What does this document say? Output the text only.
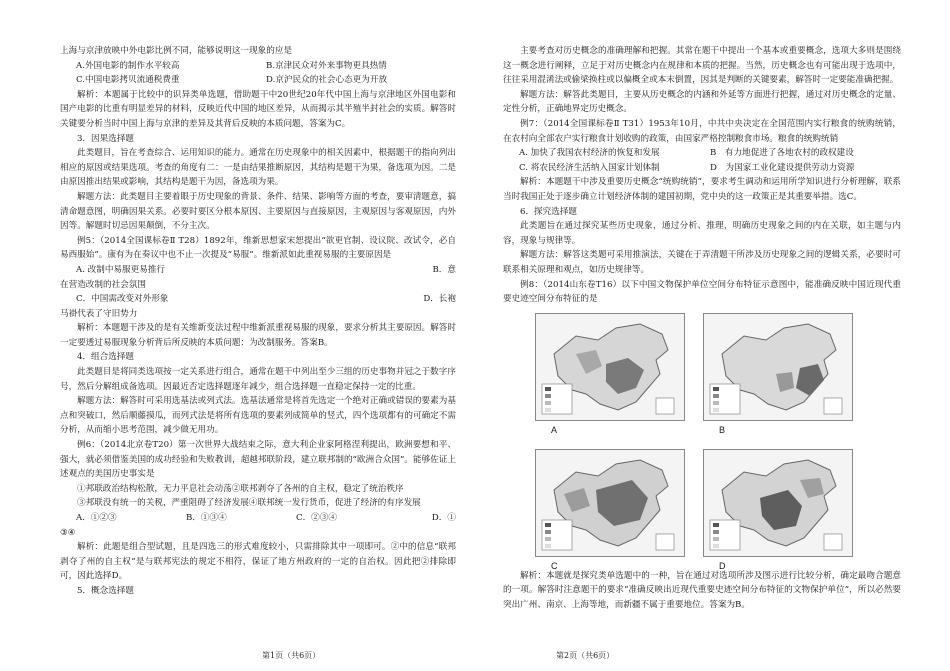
上海与京津放映中外电影比例不同，能够说明这一现象的应是

A.外国电影的制作水平较高	B.京津民众对外来事物更具热情
C.中国电影拷贝流通税费重	D.京沪民众的社会心态更为开放

解析：本题属于比较中的识异类单选题，借助题干中20世纪20年代中国上海与京津地区外国电影和国产电影的比重有明显差异的材料，反映近代中国的地区差异，从而揭示其半殖半封社会的实质。解答时关键要分析当时中国上海与京津的差异及其背后反映的本质问题，答案为C。

3．因果选择题

此类题目，旨在考查综合、运用知识的能力。通常在历史现象中的相关因素中，根据题干的指向列出相应的原因或结果选项。考查的角度有二：一是由结果推断原因，其结构是题干为果，备选项为因。二是由原因推出结果或影响，其结构是题干为因，备选项为果。

解题方法：此类题目主要着眼于历史现象的背景、条件、结果、影响等方面的考查，要审清题意，搞清命题意图，明确因果关系。必要时要区分根本原因、主要原因与直接原因，主观原因与客观原因，内外因等。解题时切忌因果颠倒，不分主次。

例5：（2014全国课标卷Ⅱ T28）1892年，维新思想家宋恕提出“欲更官制、设议院、改试令，必自易西服始”。康有为在奏议中也不止一次提及“易服”。维新派如此重视易服的主要原因是

A. 改制中易服更易推行	B．意

在营造改制的社会氛围

C．中国需改变对外形象	D．长袍

马褂代表了守旧势力

解析：本题题干涉及的是有关维新变法过程中维新派重视易服的现象，要求分析其主要原因。解答时一定要透过易服现象分析背后所反映的本质问题：为改制服务。答案B。

4．组合选择题

此类题目是将同类选项按一定关系进行组合，通常在题干中列出至少三组的历史事物并冠之于数字序号，然后分解组成备选项。因最近否定选择题逐年减少，组合选择题一直稳定保持一定的比重。

解题方法：解答时可采用选基法或列式法。选基法通常是将首先选定一个绝对正确或错误的要素为基点和突破口，然后顺藤摸瓜，而列式法是将所有选项的要素列成简单的竖式，四个选项都有的可确定不需分析，从而缩小思考范围，减少做无用功。

例6：（2014北京卷T20）第一次世界大战结束之际，意大利企业家阿格涅利提出，欧洲要想和平、强大，就必须借鉴美国的成功经验和失败教训，超越邦联阶段，建立联邦制的“欧洲合众国”。能够佐证上述观点的美国历史事实是

①邦联政治结构松散，无力平息社会动荡②联邦剥夺了各州的自主权，稳定了统治秩序

③邦联没有统一的关税，严重阻碍了经济发展④联邦统一发行货币，促进了经济的有序发展

A．①②③	B．①③④	C．②③④	D．①

③④

解析：此题是组合型试题，且是四选三的形式难度较小，只需排除其中一项即可。②中的信息“联邦剥夺了州的自主权”是与联邦宪法的规定不相符，保证了地方州政府的一定的自治权。因此把②排除即可，因此选择D。

5．概念选择题

主要考查对历史概念的准确理解和把握。其常在题干中提出一个基本或重要概念，选项大多则是围绕这一概念进行阐释，立足于对历史概念内在规律和本质的把握。当然，历史概念也有可能出现于选项中，往往采用混淆法或偷梁换柱或以偏概全或本末倒置，因其是判断的关键要素，解答时一定要能准确把握。

解题方法：解答此类题目，主要从历史概念的内涵和外延等方面进行把握，通过对历史概念的定量、定性分析，正确地界定历史概念。

例7：（2014全国课标卷Ⅱ T31）1953年10月，中共中央决定在全国范围内实行粮食的统购统销，在农村向全部农户实行粮食计划收购的政策，由国家严格控制粮食市场。粮食的统购统销

A. 加快了我国农村经济的恢复和发展	B　有力地促进了各地农村的政权建设
C. 将农民经济生活纳入国家计划体制	D　为国家工业化建设提供劳动力资源

解析：本题题干中涉及重要历史概念“统购统销”，要求考生调动和运用所学知识进行分析理解，联系当时我国正处于逐步确立计划经济体制的建国初期，党中央的这一政策正是其重要举措。选C。

6．探究选择题

此类题旨在通过探究某些历史现象，通过分析、推理，明确历史现象之间的内在关联，如主题与内容，现象与规律等。

解题方法：解答这类题可采用推演法，关键在于弄清题干所涉及历史现象之间的逻辑关系，必要时可联系相关原理和观点，如历史规律等。

例8：（2014山东卷T16）以下中国文物保护单位空间分布特征示意图中，能准确反映中国近现代重要史迹空间分布特征的是

A	B
C	D

解析：本题就是探究类单选题中的一种，旨在通过对选项所涉及图示进行比较分析，确定最吻合题意的一项。解答时注意题干的要求“准确反映出近现代重要史迹空间分布特征的文物保护单位”，所以必然要突出广州、南京、上海等地，而新疆不属于重要地位。答案为B。

第1页（共6页）	第2页（共6页）
